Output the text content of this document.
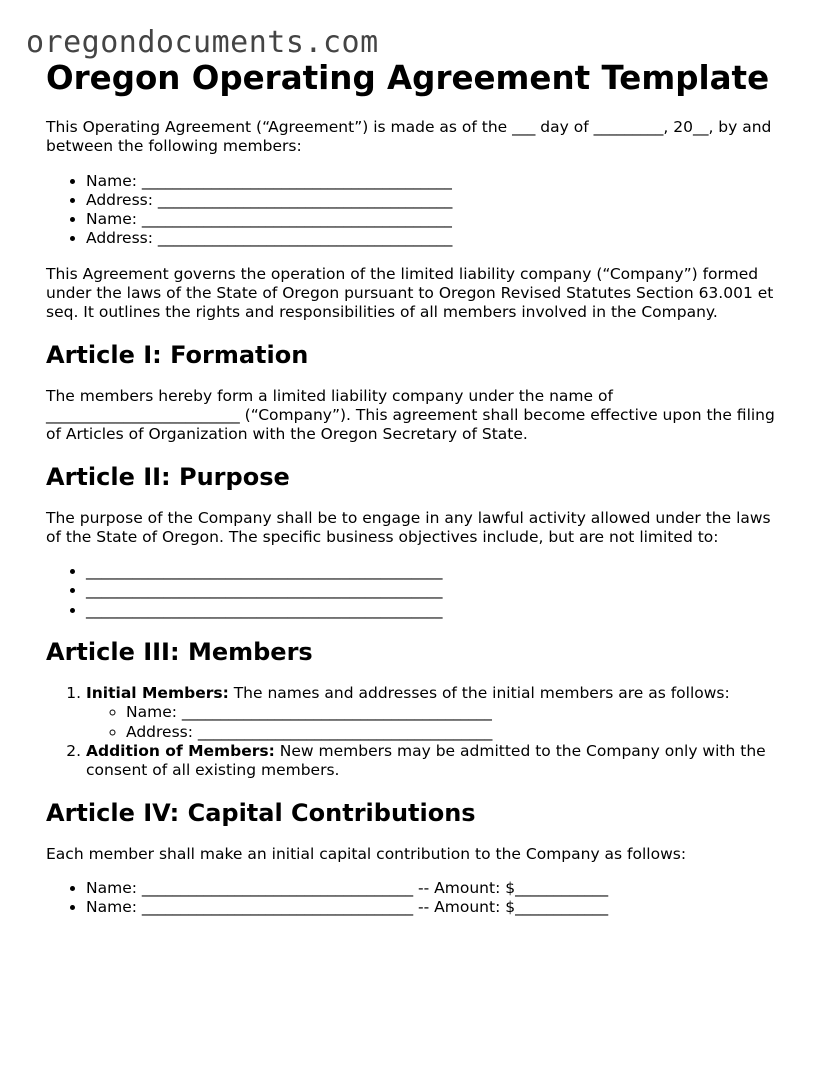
oregondocuments.com
Oregon Operating Agreement Template

This Operating Agreement (“Agreement”) is made as of the ___ day of _________, 20__, by and between the following members:

• Name: ________________________________________
• Address: ______________________________________
• Name: ________________________________________
• Address: ______________________________________

This Agreement governs the operation of the limited liability company (“Company”) formed under the laws of the State of Oregon pursuant to Oregon Revised Statutes Section 63.001 et seq. It outlines the rights and responsibilities of all members involved in the Company.

Article I: Formation

The members hereby form a limited liability company under the name of _________________________ (“Company”). This agreement shall become effective upon the filing of Articles of Organization with the Oregon Secretary of State.

Article II: Purpose

The purpose of the Company shall be to engage in any lawful activity allowed under the laws of the State of Oregon. The specific business objectives include, but are not limited to:

• ______________________________________________
• ______________________________________________
• ______________________________________________
Article III: Members
1. Initial Members: The names and addresses of the initial members are as follows:
◦ Name: ________________________________________
◦ Address: ______________________________________
2. Addition of Members: New members may be admitted to the Company only with the consent of all existing members.
Article IV: Capital Contributions

Each member shall make an initial capital contribution to the Company as follows:

• Name: ___________________________________ -- Amount: $____________
• Name: ___________________________________ -- Amount: $____________
